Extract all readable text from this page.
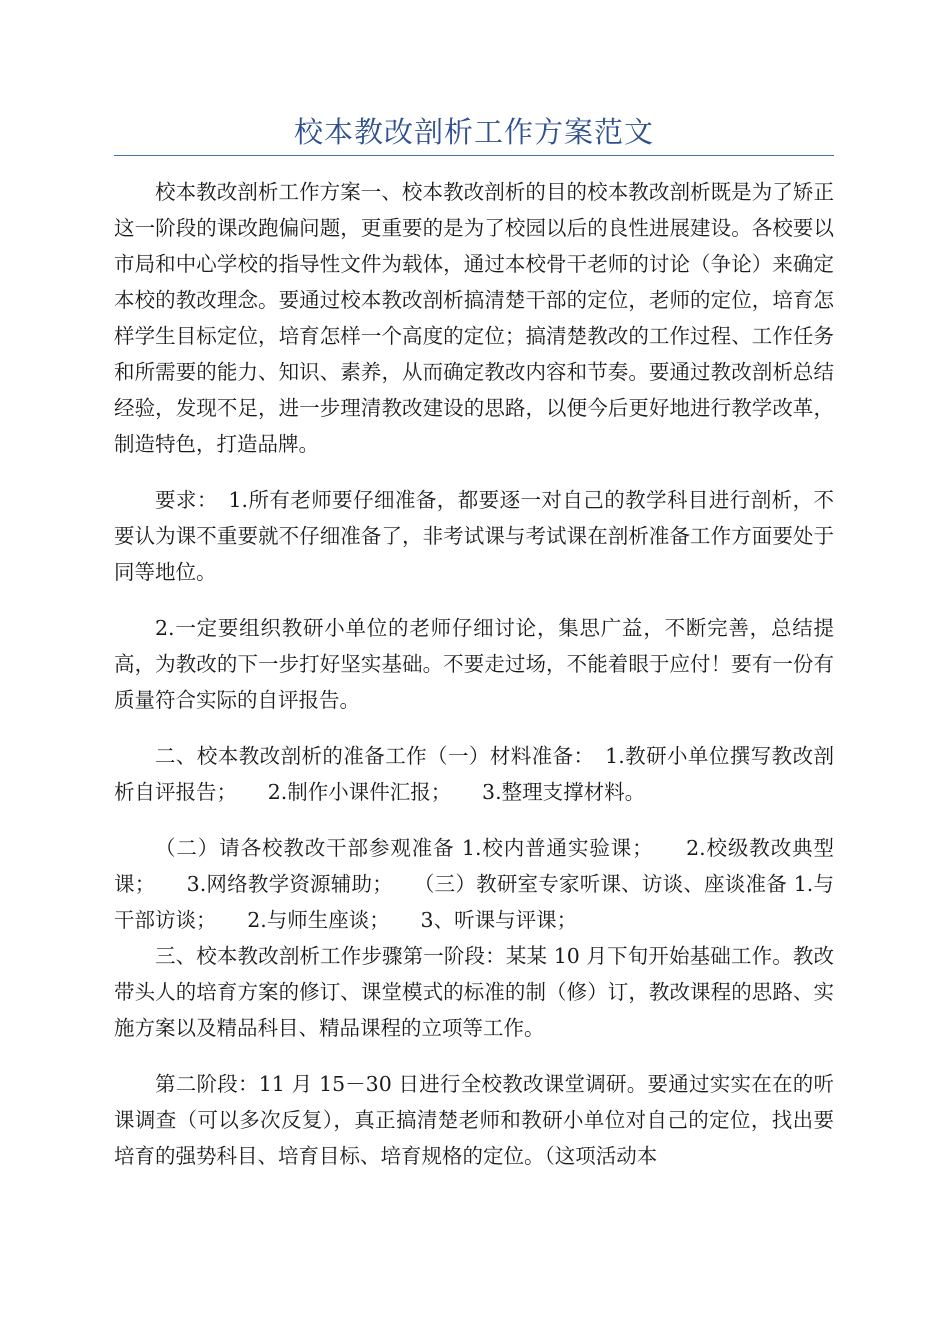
校本教改剖析工作方案范文

校本教改剖析工作方案一、校本教改剖析的目的校本教改剖析既是为了矫正这一阶段的课改跑偏问题，更重要的是为了校园以后的良性进展建设。各校要以市局和中心学校的指导性文件为载体，通过本校骨干老师的讨论（争论）来确定本校的教改理念。要通过校本教改剖析搞清楚干部的定位，老师的定位，培育怎样学生目标定位，培育怎样一个高度的定位；搞清楚教改的工作过程、工作任务和所需要的能力、知识、素养，从而确定教改内容和节奏。要通过教改剖析总结经验，发现不足，进一步理清教改建设的思路，以便今后更好地进行教学改革，制造特色，打造品牌。

要求：　1.所有老师要仔细准备，都要逐一对自己的教学科目进行剖析，不要认为课不重要就不仔细准备了，非考试课与考试课在剖析准备工作方面要处于同等地位。

2.一定要组织教研小单位的老师仔细讨论，集思广益，不断完善，总结提高，为教改的下一步打好坚实基础。不要走过场，不能着眼于应付！要有一份有质量符合实际的自评报告。

二、校本教改剖析的准备工作（一）材料准备：　1.教研小单位撰写教改剖析自评报告；　　2.制作小课件汇报；　　3.整理支撑材料。

（二）请各校教改干部参观准备 1.校内普通实验课；　　2.校级教改典型课；　　3.网络教学资源辅助；　　（三）教研室专家听课、访谈、座谈准备 1.与干部访谈；　　2.与师生座谈；　　3、听课与评课；

三、校本教改剖析工作步骤第一阶段：某某 10 月下旬开始基础工作。教改带头人的培育方案的修订、课堂模式的标准的制（修）订，教改课程的思路、实施方案以及精品科目、精品课程的立项等工作。

第二阶段：11 月 15－30 日进行全校教改课堂调研。要通过实实在在的听课调查（可以多次反复），真正搞清楚老师和教研小单位对自己的定位，找出要培育的强势科目、培育目标、培育规格的定位。（这项活动本
